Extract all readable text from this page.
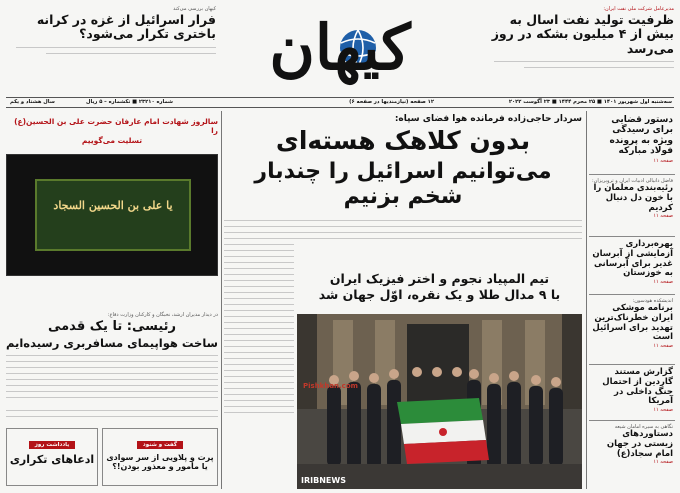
مدیرعامل شرکت ملی نفت ایران:
ظرفیت تولید نفت اسال به بیش از ۴ میلیون بشکه در روز می‌رسد
کیهان
کیهان بررسی می‌کند
فرار اسرائیل از غزه در کرانه باختری تکرار می‌شود؟
سه‌شنبه اول شهریور ۱۴۰۱ ■ ۲۵ محرم ۱۴۴۴ ■ ۲۳ آگوست ۲۰۲۲
۱۲ صفحه (نیازمندیها در صفحه ۶)
شماره ۲۳۲۱۰ ■ تکشماره – ۵ ریال
سال هشتاد و یکم
دستور قضایی برای رسیدگی ویژه به پرونده فولاد مبارکه
صفحه ۱۱
فاضل دانیالی ادبیات ایران و ترویریزان:
رئیه‌بندی معلمان را با خون دل دنبال کردیم
صفحه ۱۱
بهره‌برداری آزمایشی از آبرسان غدیر برای آبرسانی به خوزستان
صفحه ۱۱
اندیشکده هودسون:
برنامه موشکی ایران خطرناک‌ترین تهدید برای اسرائیل است
صفحه ۱۱
گزارش مستند گاردین از احتمال جنگ داخلی در آمریکا
صفحه ۱۱
نگاهی به سیره امامان شیعه
دستاوردهای زیستی در جهان امام سجاد(ع)
صفحه ۱۱
سردار حاجی‌زاده فرمانده هوا فضای سپاه:
بدون کلاهک هسته‌ای
می‌توانیم اسرائیل را چندبار شخم بزنیم
تیم المپیاد نجوم و اختر فیزیک ایران
با ۹ مدال طلا و یک نقره، اوّل جهان شد
IRIBNEWS
Pishkhan.com
سالروز شهادت امام عارفان حضرت علی بن الحسین(ع) را
تسلیت می‌گوییم
یا علی بن الحسین السجاد
در دیدار مدیران ارشد، نخبگان و کارکنان وزارت دفاع:
رئیسی: تا یک قدمی
ساخت هواپیمای مسافربری رسیده‌ایم
یادداشت روز
ادعاهای تکراری
گفت و شنود
پرت و پلاویی از سر سوادی یا مأمور و معذور بودن!؟
